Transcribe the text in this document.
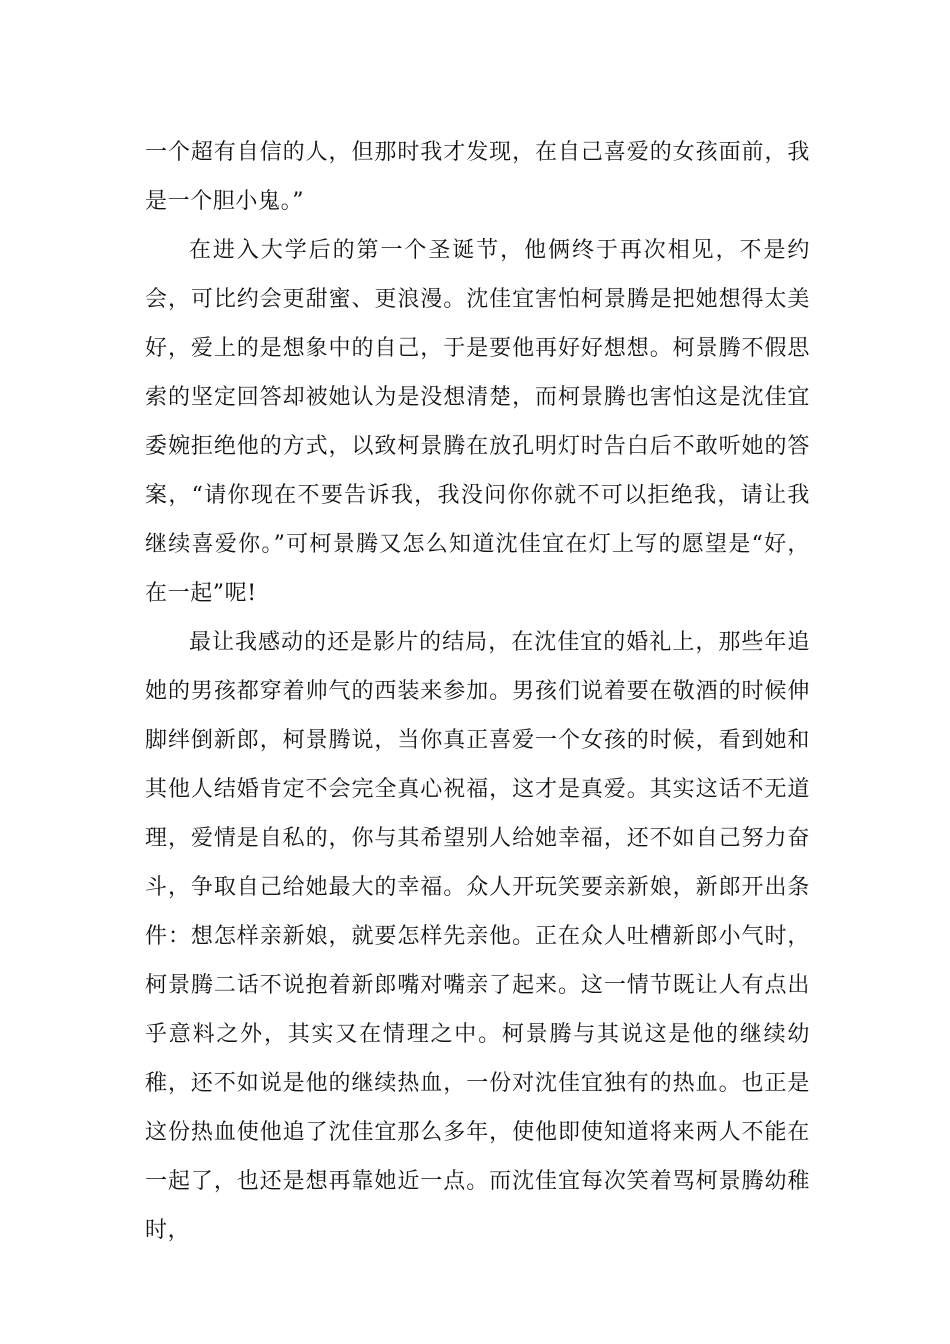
一个超有自信的人，但那时我才发现，在自己喜爱的女孩面前，我是一个胆小鬼。”

在进入大学后的第一个圣诞节，他俩终于再次相见，不是约会，可比约会更甜蜜、更浪漫。沈佳宜害怕柯景腾是把她想得太美好，爱上的是想象中的自己，于是要他再好好想想。柯景腾不假思索的坚定回答却被她认为是没想清楚，而柯景腾也害怕这是沈佳宜委婉拒绝他的方式，以致柯景腾在放孔明灯时告白后不敢听她的答案，“请你现在不要告诉我，我没问你你就不可以拒绝我，请让我继续喜爱你。”可柯景腾又怎么知道沈佳宜在灯上写的愿望是“好，在一起”呢!

最让我感动的还是影片的结局，在沈佳宜的婚礼上，那些年追她的男孩都穿着帅气的西装来参加。男孩们说着要在敬酒的时候伸脚绊倒新郎，柯景腾说，当你真正喜爱一个女孩的时候，看到她和其他人结婚肯定不会完全真心祝福，这才是真爱。其实这话不无道理，爱情是自私的，你与其希望别人给她幸福，还不如自己努力奋斗，争取自己给她最大的幸福。众人开玩笑要亲新娘，新郎开出条件：想怎样亲新娘，就要怎样先亲他。正在众人吐槽新郎小气时，柯景腾二话不说抱着新郎嘴对嘴亲了起来。这一情节既让人有点出乎意料之外，其实又在情理之中。柯景腾与其说这是他的继续幼稚，还不如说是他的继续热血，一份对沈佳宜独有的热血。也正是这份热血使他追了沈佳宜那么多年，使他即使知道将来两人不能在一起了，也还是想再靠她近一点。而沈佳宜每次笑着骂柯景腾幼稚时，
